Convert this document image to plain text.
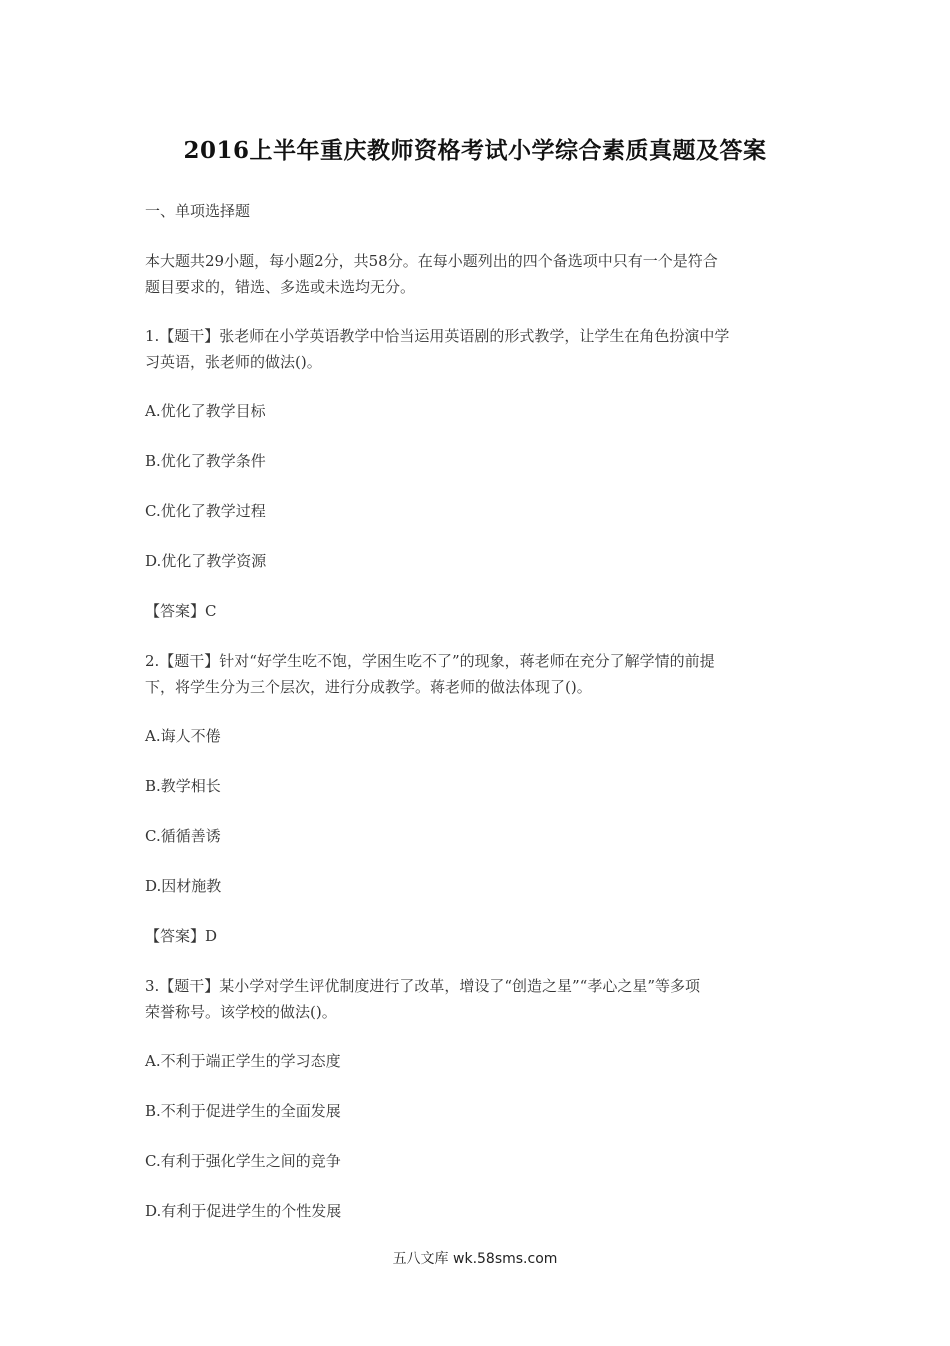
2016上半年重庆教师资格考试小学综合素质真题及答案
一、单项选择题
本大题共29小题，每小题2分，共58分。在每小题列出的四个备选项中只有一个是符合
题目要求的，错选、多选或未选均无分。
1.【题干】张老师在小学英语教学中恰当运用英语剧的形式教学，让学生在角色扮演中学
习英语，张老师的做法()。
A.优化了教学目标
B.优化了教学条件
C.优化了教学过程
D.优化了教学资源
【答案】C
2.【题干】针对“好学生吃不饱，学困生吃不了”的现象，蒋老师在充分了解学情的前提
下，将学生分为三个层次，进行分成教学。蒋老师的做法体现了()。
A.诲人不倦
B.教学相长
C.循循善诱
D.因材施教
【答案】D
3.【题干】某小学对学生评优制度进行了改革，增设了“创造之星”“孝心之星”等多项
荣誉称号。该学校的做法()。
A.不利于端正学生的学习态度
B.不利于促进学生的全面发展
C.有利于强化学生之间的竞争
D.有利于促进学生的个性发展
五八文库 wk.58sms.com
